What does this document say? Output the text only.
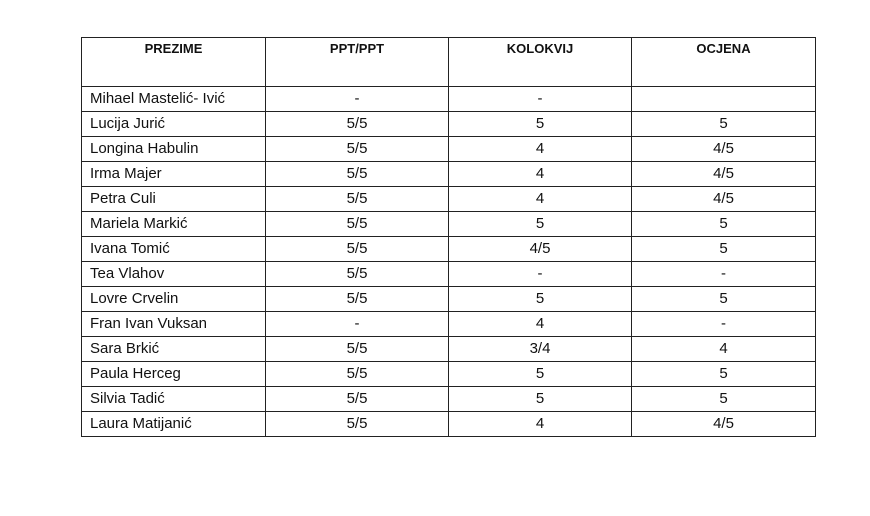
PREZIME	PPT/PPT	KOLOKVIJ	OCJENA
Mihael Mastelić- Ivić	-	-	
Lucija Jurić	5/5	5	5
Longina Habulin	5/5	4	4/5
Irma Majer	5/5	4	4/5
Petra Culi	5/5	4	4/5
Mariela Markić	5/5	5	5
Ivana Tomić	5/5	4/5	5
Tea Vlahov	5/5	-	-
Lovre Crvelin	5/5	5	5
Fran Ivan Vuksan	-	4	-
Sara Brkić	5/5	3/4	4
Paula Herceg	5/5	5	5
Silvia Tadić	5/5	5	5
Laura Matijanić	5/5	4	4/5
